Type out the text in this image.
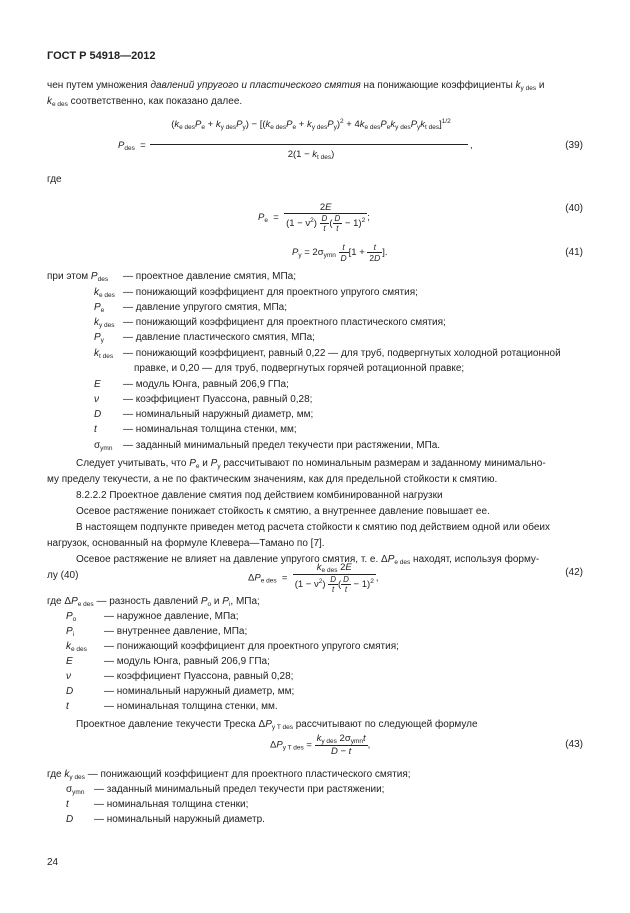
ГОСТ Р 54918—2012
чен путем умножения давлений упругого и пластического смятия на понижающие коэффициенты $k_{y des}$ и
$k_{e des}$ соответственно, как показано далее.
$P_{des}$  =
$(k_{e des}P_e + k_{y des}P_y) - [(k_{e des}P_e + k_{y des}P_y)^2 + 4k_{e des}P_ek_{y des}P_yk_{t des}]^{1/2}$
$2(1 - k_{t des})$
,	(39)
где
$P_e = \frac{2E}{(1 - \nu^2) \frac{D}{t} ( \frac{D}{t} - 1)^2}$ ;
(40)
$P_y = 2\sigma_{ymn} \frac{t}{D} [1 + \frac{t}{2D}$ ].	(41)
при этом $P_{des}$ — проектное давление смятия, МПа;
$k_{e des}$ — понижающий коэффициент для проектного упругого смятия;
$P_e$ — давление упругого смятия, МПа;
$k_{y des}$ — понижающий коэффициент для проектного пластического смятия;
$P_y$ — давление пластического смятия, МПа;
$k_{t des}$ — понижающий коэффициент, равный 0,22 — для труб, подвергнутых холодной ротационной
правке, и 0,20 — для труб, подвергнутых горячей ротационной правке;
E — модуль Юнга, равный 206,9 ГПа;
ν — коэффициент Пуассона, равный 0,28;
D — номинальный наружный диаметр, мм;
t	— номинальная толщина стенки, мм;
$\sigma_{ymn}$ — заданный минимальный предел текучести при растяжении, МПа.
Следует учитывать, что $P_e$ и $P_y$ рассчитывают по номинальным размерам и заданному минимально-
му пределу текучести, а не по фактическим значениям, как для предельной стойкости к смятию.
8.2.2.2 Проектное давление смятия под действием комбинированной нагрузки
Осевое растяжение понижает стойкость к смятию, а внутреннее давление повышает ее.
В настоящем подпункте приведен метод расчета стойкости к смятию под действием одной или обеих
нагрузок, основанный на формуле Клевера—Тамано по [7].
Осевое растяжение не влияет на давление упругого смятия, т. е. $\Delta P_{e des}$ находят, используя форму-
лу (40)	$\Delta P_{e des} = \frac{k_{e des} 2E}{(1 - \nu^2) \frac{D}{t} ( \frac{D}{t} - 1)^2}$ ,
(42)
где $\Delta P_{e des}$ — разность давлений $P_o$ и $P_i$, МПа;
$P_o$	— наружное давление, МПа;
$P_i$	— внутреннее давление, МПа;
$k_{e des}$ — понижающий коэффициент для проектного упругого смятия;
E	— модуль Юнга, равный 206,9 ГПа;
ν	— коэффициент Пуассона, равный 0,28;
D	— номинальный наружный диаметр, мм;
t	— номинальная толщина стенки, мм.
Проектное давление текучести Треска $\Delta P_{y T des}$ рассчитывают по следующей формуле
$\Delta P_{y T des} = \frac{k_{y des} 2\sigma_{ymn}t}{D - t}$ ,	(43)
где $k_{y des}$ — понижающий коэффициент для проектного пластического смятия;
$\sigma_{ymn}$ — заданный минимальный предел текучести при растяжении;
t	— номинальная толщина стенки;
D — номинальный наружный диаметр.
24
